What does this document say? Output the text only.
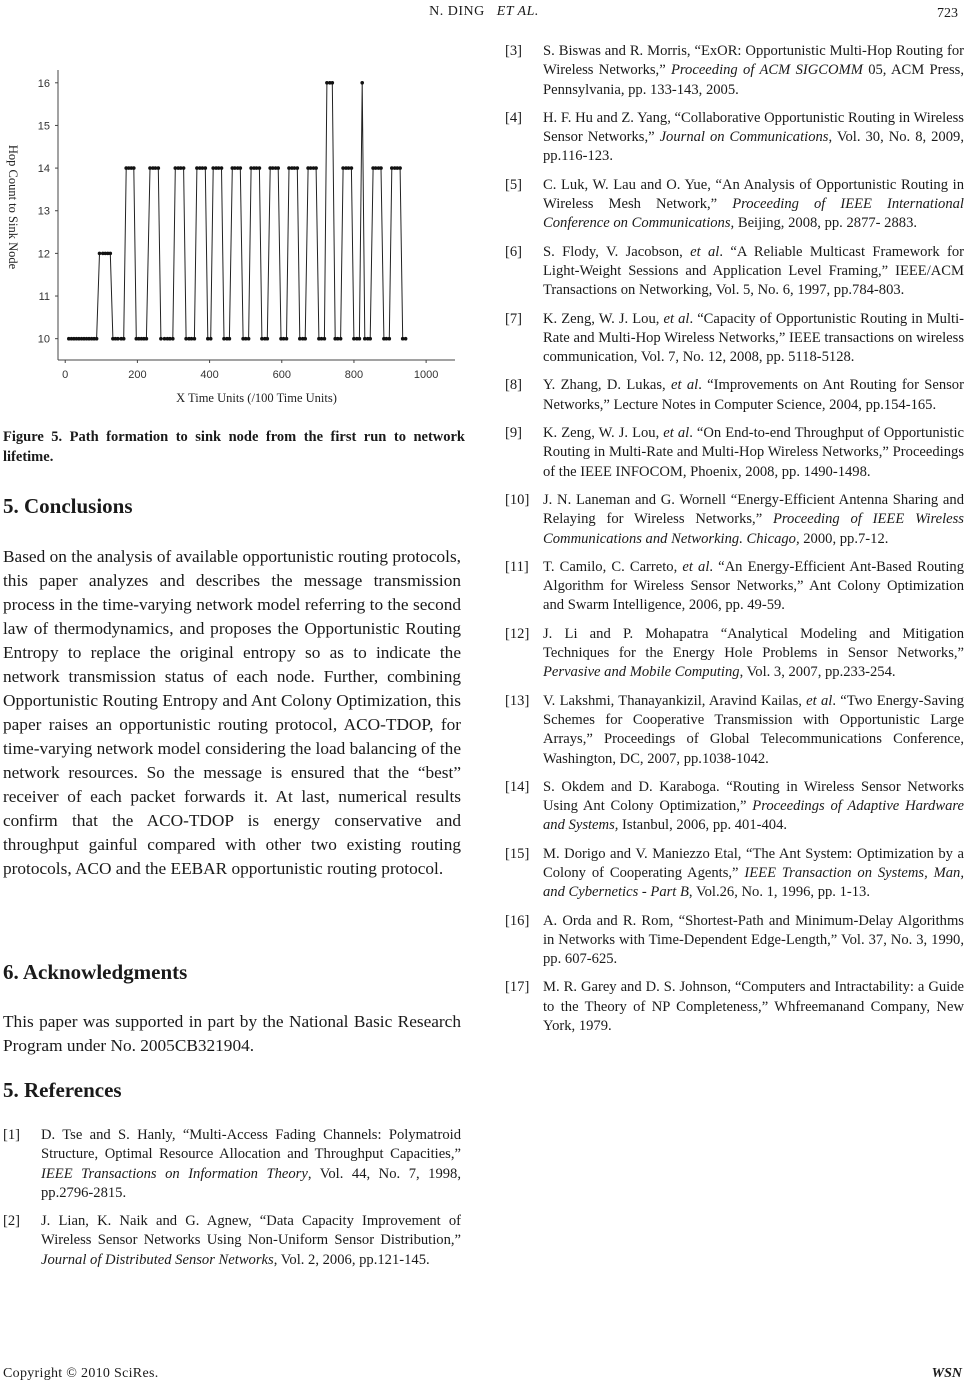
N. DING ET AL.	723
10
11
12
13
14
15
16
0	200	400	600	800	1000
X Time Units (/100 Time Units)
Hop Count to Sink Node
Figure 5. Path formation to sink node from the first run to network lifetime.
5. Conclusions
Based on the analysis of available opportunistic routing protocols, this paper analyzes and describes the message transmission process in the time-varying network model referring to the second law of thermodynamics, and proposes the Opportunistic Routing Entropy to replace the original entropy so as to indicate the network transmission status of each node. Further, combining Opportunistic Routing Entropy and Ant Colony Optimization, this paper raises an opportunistic routing protocol, ACO-TDOP, for time-varying network model considering the load balancing of the network resources. So the message is ensured that the “best” receiver of each packet forwards it. At last, numerical results confirm that the ACO-TDOP is energy conservative and throughput gainful compared with other two existing routing protocols, ACO and the EEBAR opportunistic routing protocol.
6. Acknowledgments
This paper was supported in part by the National Basic Research Program under No. 2005CB321904.
5. References
[1] D. Tse and S. Hanly, “Multi-Access Fading Channels: Polymatroid Structure, Optimal Resource Allocation and Throughput Capacities,” IEEE Transactions on Information Theory, Vol. 44, No. 7, 1998, pp.2796-2815.
[2] J. Lian, K. Naik and G. Agnew, “Data Capacity Improvement of Wireless Sensor Networks Using Non-Uniform Sensor Distribution,” Journal of Distributed Sensor Networks, Vol. 2, 2006, pp.121-145.
[3] S. Biswas and R. Morris, “ExOR: Opportunistic Multi-Hop Routing for Wireless Networks,” Proceeding of ACM SIGCOMM 05, ACM Press, Pennsylvania, pp. 133-143, 2005.
[4] H. F. Hu and Z. Yang, “Collaborative Opportunistic Routing in Wireless Sensor Networks,” Journal on Communications, Vol. 30, No. 8, 2009, pp.116-123.
[5] C. Luk, W. Lau and O. Yue, “An Analysis of Opportunistic Routing in Wireless Mesh Network,” Proceeding of IEEE International Conference on Communications, Beijing, 2008, pp. 2877- 2883.
[6] S. Flody, V. Jacobson, et al. “A Reliable Multicast Framework for Light-Weight Sessions and Application Level Framing,” IEEE/ACM Transactions on Networking, Vol. 5, No. 6, 1997, pp.784-803.
[7] K. Zeng, W. J. Lou, et al. “Capacity of Opportunistic Routing in Multi-Rate and Multi-Hop Wireless Networks,” IEEE transactions on wireless communication, Vol. 7, No. 12, 2008, pp. 5118-5128.
[8] Y. Zhang, D. Lukas, et al. “Improvements on Ant Routing for Sensor Networks,” Lecture Notes in Computer Science, 2004, pp.154-165.
[9] K. Zeng, W. J. Lou, et al. “On End-to-end Throughput of Opportunistic Routing in Multi-Rate and Multi-Hop Wireless Networks,” Proceedings of the IEEE INFOCOM, Phoenix, 2008, pp. 1490-1498.
[10] J. N. Laneman and G. Wornell “Energy-Efficient Antenna Sharing and Relaying for Wireless Networks,” Proceeding of IEEE Wireless Communications and Networking. Chicago, 2000, pp.7-12.
[11] T. Camilo, C. Carreto, et al. “An Energy-Efficient Ant-Based Routing Algorithm for Wireless Sensor Networks,” Ant Colony Optimization and Swarm Intelligence, 2006, pp. 49-59.
[12] J. Li and P. Mohapatra “Analytical Modeling and Mitigation Techniques for the Energy Hole Problems in Sensor Networks,” Pervasive and Mobile Computing, Vol. 3, 2007, pp.233-254.
[13] V. Lakshmi, Thanayankizil, Aravind Kailas, et al. “Two Energy-Saving Schemes for Cooperative Transmission with Opportunistic Large Arrays,” Proceedings of Global Telecommunications Conference, Washington, DC, 2007, pp.1038-1042.
[14] S. Okdem and D. Karaboga. “Routing in Wireless Sensor Networks Using Ant Colony Optimization,” Proceedings of Adaptive Hardware and Systems, Istanbul, 2006, pp. 401-404.
[15] M. Dorigo and V. Maniezzo Etal, “The Ant System: Optimization by a Colony of Cooperating Agents,” IEEE Transaction on Systems, Man, and Cybernetics - Part B, Vol.26, No. 1, 1996, pp. 1-13.
[16] A. Orda and R. Rom, “Shortest-Path and Minimum-Delay Algorithms in Networks with Time-Dependent Edge-Length,” Vol. 37, No. 3, 1990, pp. 607-625.
[17] M. R. Garey and D. S. Johnson, “Computers and Intractability: a Guide to the Theory of NP Completeness,” Whfreemanand Company, New York, 1979.
Copyright © 2010 SciRes.	WSN
